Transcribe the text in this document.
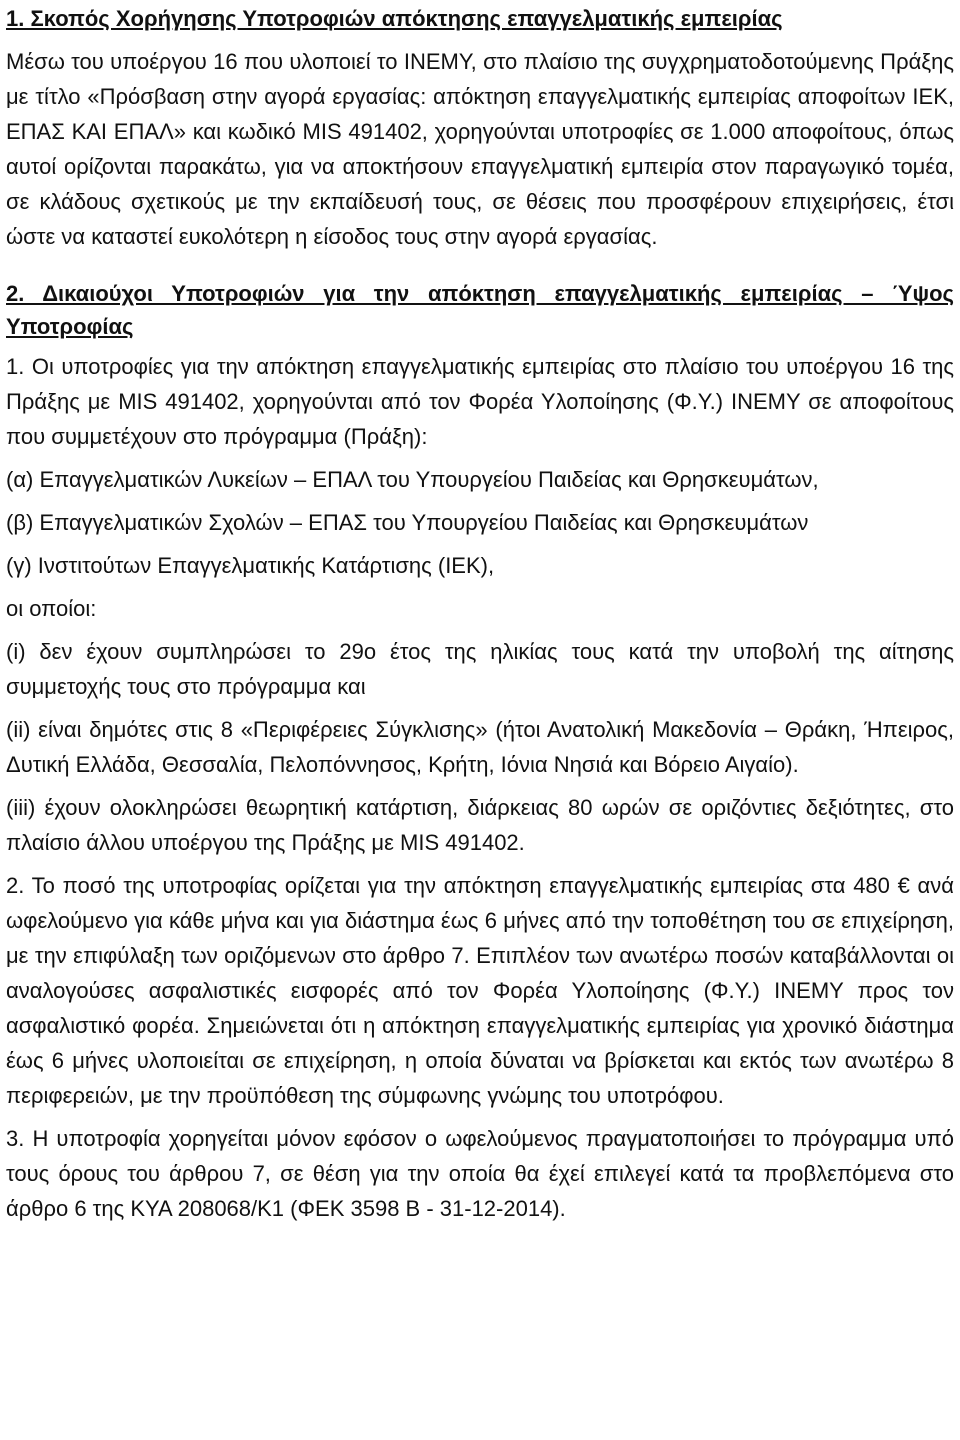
1. Σκοπός Χορήγησης Υποτροφιών απόκτησης επαγγελματικής εμπειρίας

Μέσω του υποέργου 16 που υλοποιεί το ΙΝΕΜΥ, στο πλαίσιο της συγχρηματοδοτούμενης Πράξης με τίτλο «Πρόσβαση στην αγορά εργασίας: απόκτηση επαγγελματικής εμπειρίας αποφοίτων ΙΕΚ, ΕΠΑΣ ΚΑΙ ΕΠΑΛ» και κωδικό MIS 491402, χορηγούνται υποτροφίες σε 1.000 αποφοίτους, όπως αυτοί ορίζονται παρακάτω, για να αποκτήσουν επαγγελματική εμπειρία στον παραγωγικό τομέα, σε κλάδους σχετικούς με την εκπαίδευσή τους, σε θέσεις που προσφέρουν επιχειρήσεις, έτσι ώστε να καταστεί ευκολότερη η είσοδος τους στην αγορά εργασίας.

2. Δικαιούχοι Υποτροφιών για την απόκτηση επαγγελματικής εμπειρίας – Ύψος Υποτροφίας

1. Οι υποτροφίες για την απόκτηση επαγγελματικής εμπειρίας στο πλαίσιο του υποέργου 16 της Πράξης με MIS 491402, χορηγούνται από τον Φορέα Υλοποίησης (Φ.Υ.) ΙΝΕΜΥ σε αποφοίτους που συμμετέχουν στο πρόγραμμα (Πράξη):

(α) Επαγγελματικών Λυκείων – ΕΠΑΛ του Υπουργείου Παιδείας και Θρησκευμάτων,

(β) Επαγγελματικών Σχολών – ΕΠΑΣ του Υπουργείου Παιδείας και Θρησκευμάτων

(γ) Ινστιτούτων Επαγγελματικής Κατάρτισης (ΙΕΚ),

οι οποίοι:

(i) δεν έχουν συμπληρώσει το 29ο έτος της ηλικίας τους κατά την υποβολή της αίτησης συμμετοχής τους στο πρόγραμμα και

(ii) είναι δημότες στις 8 «Περιφέρειες Σύγκλισης» (ήτοι Ανατολική Μακεδονία – Θράκη, Ήπειρος, Δυτική Ελλάδα, Θεσσαλία, Πελοπόννησος, Κρήτη, Ιόνια Νησιά και Βόρειο Αιγαίο).

(iii) έχουν ολοκληρώσει θεωρητική κατάρτιση, διάρκειας 80 ωρών σε οριζόντιες δεξιότητες, στο πλαίσιο άλλου υποέργου της Πράξης με MIS 491402.

2. Το ποσό της υποτροφίας ορίζεται για την απόκτηση επαγγελματικής εμπειρίας στα 480 € ανά ωφελούμενο για κάθε μήνα και για διάστημα έως 6 μήνες από την τοποθέτηση του σε επιχείρηση, με την επιφύλαξη των οριζόμενων στο άρθρο 7. Επιπλέον των ανωτέρω ποσών καταβάλλονται οι αναλογούσες ασφαλιστικές εισφορές από τον Φορέα Υλοποίησης (Φ.Υ.) ΙΝΕΜΥ προς τον ασφαλιστικό φορέα. Σημειώνεται ότι η απόκτηση επαγγελματικής εμπειρίας για χρονικό διάστημα έως 6 μήνες υλοποιείται σε επιχείρηση, η οποία δύναται να βρίσκεται και εκτός των ανωτέρω 8 περιφερειών, με την προϋπόθεση της σύμφωνης γνώμης του υποτρόφου.

3. Η υποτροφία χορηγείται μόνον εφόσον ο ωφελούμενος πραγματοποιήσει το πρόγραμμα υπό τους όρους του άρθρου 7, σε θέση για την οποία θα έχεί επιλεγεί κατά τα προβλεπόμενα στο άρθρο 6 της ΚΥΑ 208068/Κ1 (ΦΕΚ 3598 Β - 31-12-2014).
